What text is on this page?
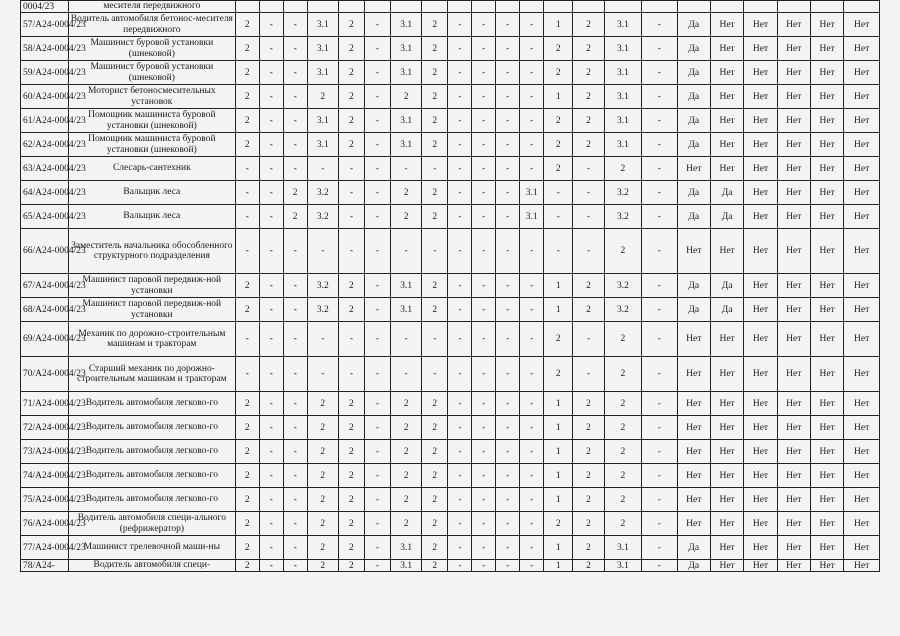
0004/23	месителя передвижного																						
57/A24-0004/23	Водитель автомобиля бетонос-месителя передвижного	2	-	-	3.1	2	-	3.1	2	-	-	-	-	1	2	3.1	-	Да	Нет	Нет	Нет	Нет	Нет
58/A24-0004/23	Машинист буровой установки (шнековой)	2	-	-	3.1	2	-	3.1	2	-	-	-	-	2	2	3.1	-	Да	Нет	Нет	Нет	Нет	Нет
59/A24-0004/23	Машинист буровой установки (шнековой)	2	-	-	3.1	2	-	3.1	2	-	-	-	-	2	2	3.1	-	Да	Нет	Нет	Нет	Нет	Нет
60/A24-0004/23	Моторист бетоносмесительных установок	2	-	-	2	2	-	2	2	-	-	-	-	1	2	3.1	-	Да	Нет	Нет	Нет	Нет	Нет
61/A24-0004/23	Помощник машиниста буровой установки (шнековой)	2	-	-	3.1	2	-	3.1	2	-	-	-	-	2	2	3.1	-	Да	Нет	Нет	Нет	Нет	Нет
62/A24-0004/23	Помощник машиниста буровой установки (шнековой)	2	-	-	3.1	2	-	3.1	2	-	-	-	-	2	2	3.1	-	Да	Нет	Нет	Нет	Нет	Нет
63/A24-0004/23	Слесарь-сантехник	-	-	-	-	-	-	-	-	-	-	-	-	2	-	2	-	Нет	Нет	Нет	Нет	Нет	Нет
64/A24-0004/23	Вальщик леса	-	-	2	3.2	-	-	2	2	-	-	-	3.1	-	-	3.2	-	Да	Да	Нет	Нет	Нет	Нет
65/A24-0004/23	Вальщик леса	-	-	2	3.2	-	-	2	2	-	-	-	3.1	-	-	3.2	-	Да	Да	Нет	Нет	Нет	Нет
66/A24-0004/23	Заместитель начальника обособленного структурного подразделения	-	-	-	-	-	-	-	-	-	-	-	-	-	-	2	-	Нет	Нет	Нет	Нет	Нет	Нет
67/A24-0004/23	Машинист паровой передвиж-ной установки	2	-	-	3.2	2	-	3.1	2	-	-	-	-	1	2	3.2	-	Да	Да	Нет	Нет	Нет	Нет
68/A24-0004/23	Машинист паровой передвиж-ной установки	2	-	-	3.2	2	-	3.1	2	-	-	-	-	1	2	3.2	-	Да	Да	Нет	Нет	Нет	Нет
69/A24-0004/23	Механик по дорожно-строительным машинам и тракторам	-	-	-	-	-	-	-	-	-	-	-	-	2	-	2	-	Нет	Нет	Нет	Нет	Нет	Нет
70/A24-0004/23	Старший механик по дорожно-строительным машинам и тракторам	-	-	-	-	-	-	-	-	-	-	-	-	2	-	2	-	Нет	Нет	Нет	Нет	Нет	Нет
71/A24-0004/23	Водитель автомобиля легково-го	2	-	-	2	2	-	2	2	-	-	-	-	1	2	2	-	Нет	Нет	Нет	Нет	Нет	Нет
72/A24-0004/23	Водитель автомобиля легково-го	2	-	-	2	2	-	2	2	-	-	-	-	1	2	2	-	Нет	Нет	Нет	Нет	Нет	Нет
73/A24-0004/23	Водитель автомобиля легково-го	2	-	-	2	2	-	2	2	-	-	-	-	1	2	2	-	Нет	Нет	Нет	Нет	Нет	Нет
74/A24-0004/23	Водитель автомобиля легково-го	2	-	-	2	2	-	2	2	-	-	-	-	1	2	2	-	Нет	Нет	Нет	Нет	Нет	Нет
75/A24-0004/23	Водитель автомобиля легково-го	2	-	-	2	2	-	2	2	-	-	-	-	1	2	2	-	Нет	Нет	Нет	Нет	Нет	Нет
76/A24-0004/23	Водитель автомобиля специ-ального (рефрижератор)	2	-	-	2	2	-	2	2	-	-	-	-	2	2	2	-	Нет	Нет	Нет	Нет	Нет	Нет
77/A24-0004/23	Машинист трелевочной маши-ны	2	-	-	2	2	-	3.1	2	-	-	-	-	1	2	3.1	-	Да	Нет	Нет	Нет	Нет	Нет
78/A24-	Водитель автомобиля специ-	2	-	-	2	2	-	3.1	2	-	-	-	-	1	2	3.1	-	Да	Нет	Нет	Нет	Нет	Нет
